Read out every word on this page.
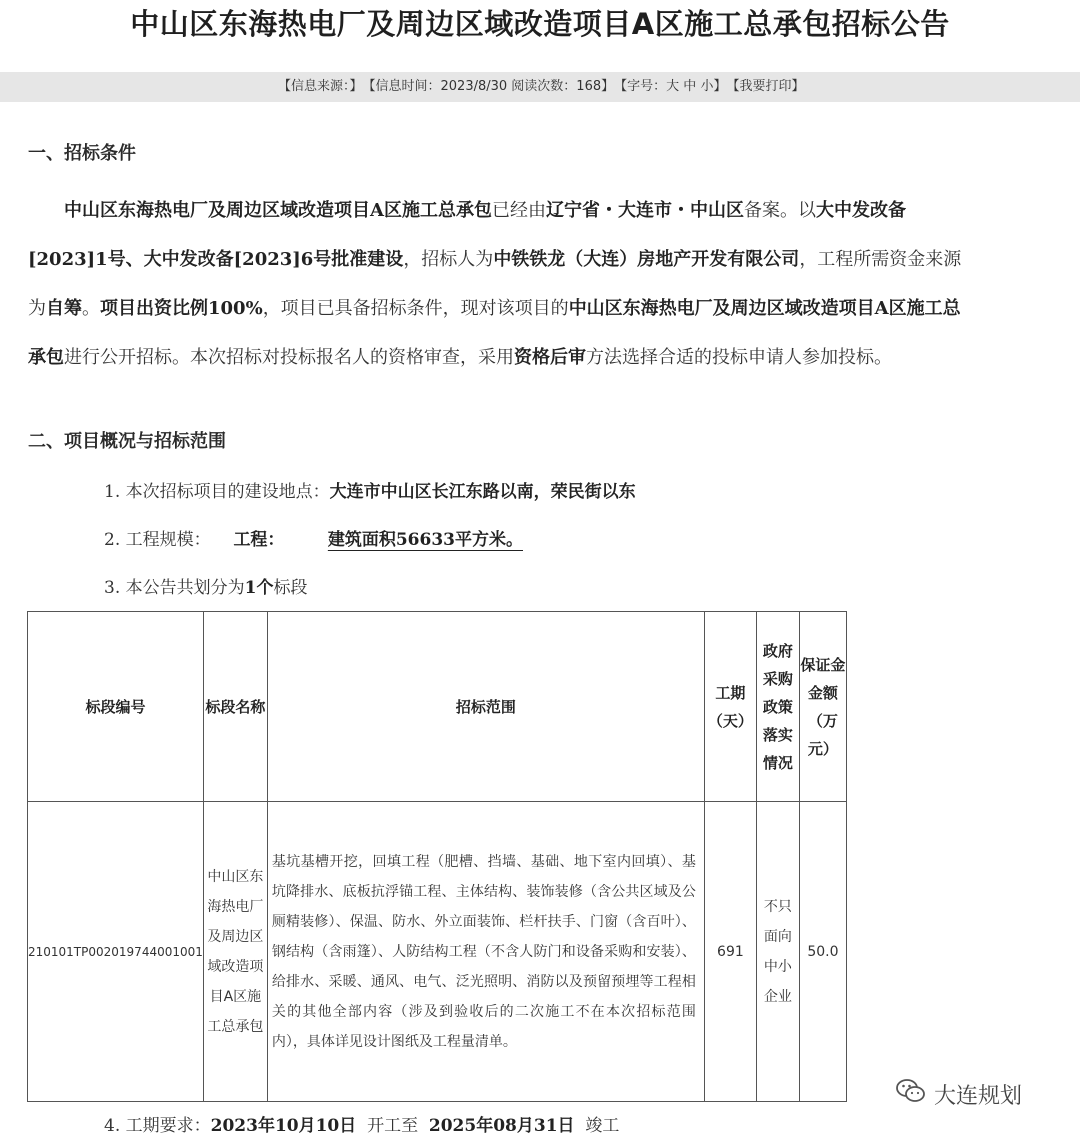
中山区东海热电厂及周边区域改造项目A区施工总承包招标公告
【信息来源：】【信息时间：2023/8/30 阅读次数：168】【字号：大 中 小】【我要打印】
一、招标条件

　　中山区东海热电厂及周边区域改造项目A区施工总承包已经由辽宁省・大连市・中山区备案。以大中发改备[2023]1号、大中发改备[2023]6号批准建设，招标人为中铁铁龙（大连）房地产开发有限公司，工程所需资金来源为自筹。项目出资比例100%，项目已具备招标条件，现对该项目的中山区东海热电厂及周边区域改造项目A区施工总承包进行公开招标。本次招标对投标报名人的资格审查，采用资格后审方法选择合适的投标申请人参加投标。

二、项目概况与招标范围
1. 本次招标项目的建设地点：大连市中山区长江东路以南，荣民街以东
2. 工程规模： 工程：	建筑面积56633平方米。
3. 本公告共划分为1个标段
标段编号	标段名称	招标范围	工期（天）	政府采购政策落实情况	保证金金额（万元）
210101TP002019744001001	中山区东海热电厂及周边区域改造项目A区施工总承包	基坑基槽开挖，回填工程（肥槽、挡墙、基础、地下室内回填）、基坑降排水、底板抗浮锚工程、主体结构、装饰装修（含公共区域及公厕精装修）、保温、防水、外立面装饰、栏杆扶手、门窗（含百叶）、钢结构（含雨篷）、人防结构工程（不含人防门和设备采购和安装）、给排水、采暖、通风、电气、泛光照明、消防以及预留预埋等工程相关的其他全部内容（涉及到验收后的二次施工不在本次招标范围内），具体详见设计图纸及工程量清单。	691	不只面向中小企业	50.0
4. 工期要求：2023年10月10日 开工至 2025年08月31日 竣工
大连规划
